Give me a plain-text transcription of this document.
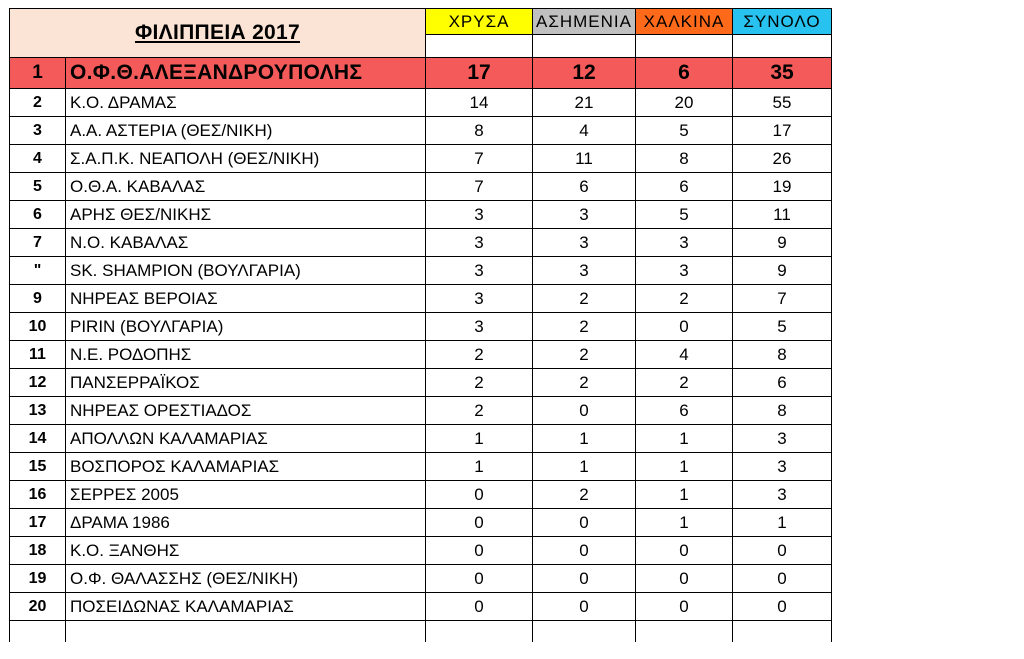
ΦΙΛΙΠΠΕΙΑ 2017		ΧΡΥΣΑ	ΑΣΗΜΕΝΙΑ	ΧΑΛΚΙΝΑ	ΣΥΝΟΛΟ

1	Ο.Φ.Θ.ΑΛΕΞΑΝΔΡΟΥΠΟΛΗΣ	17	12	6	35
2	Κ.Ο. ΔΡΑΜΑΣ	14	21	20	55
3	Α.Α. ΑΣΤΕΡΙΑ (ΘΕΣ/ΝΙΚΗ)	8	4	5	17
4	Σ.Α.Π.Κ. ΝΕΑΠΟΛΗ (ΘΕΣ/ΝΙΚΗ)	7	11	8	26
5	Ο.Θ.Α. ΚΑΒΑΛΑΣ	7	6	6	19
6	ΑΡΗΣ ΘΕΣ/ΝΙΚΗΣ	3	3	5	11
7	Ν.Ο. ΚΑΒΑΛΑΣ	3	3	3	9
"	SK. SHAMPION (ΒΟΥΛΓΑΡΙΑ)	3	3	3	9
9	ΝΗΡΕΑΣ ΒΕΡΟΙΑΣ	3	2	2	7
10	PIRIN (ΒΟΥΛΓΑΡΙΑ)	3	2	0	5
11	Ν.Ε. ΡΟΔΟΠΗΣ	2	2	4	8
12	ΠΑΝΣΕΡΡΑΪΚΟΣ	2	2	2	6
13	ΝΗΡΕΑΣ ΟΡΕΣΤΙΑΔΟΣ	2	0	6	8
14	ΑΠΟΛΛΩΝ ΚΑΛΑΜΑΡΙΑΣ	1	1	1	3
15	ΒΟΣΠΟΡΟΣ ΚΑΛΑΜΑΡΙΑΣ	1	1	1	3
16	ΣΕΡΡΕΣ 2005	0	2	1	3
17	ΔΡΑΜΑ 1986	0	0	1	1
18	Κ.Ο. ΞΑΝΘΗΣ	0	0	0	0
19	Ο.Φ. ΘΑΛΑΣΣΗΣ (ΘΕΣ/ΝΙΚΗ)	0	0	0	0
20	ΠΟΣΕΙΔΩΝΑΣ ΚΑΛΑΜΑΡΙΑΣ	0	0	0	0
